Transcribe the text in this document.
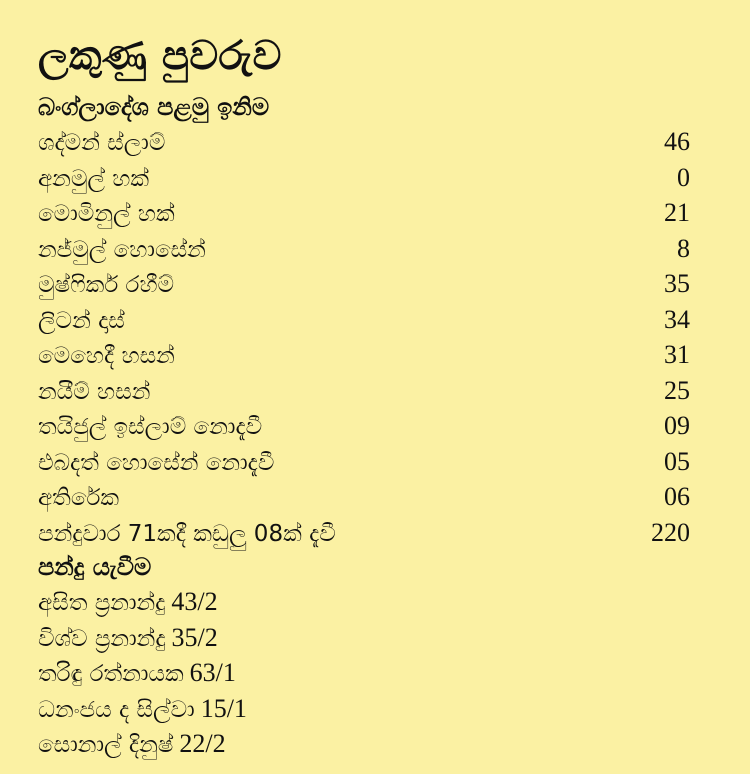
ලකුණු පුවරුව
බංග්ලාදේශ පළමු ඉනිම
ශද්මන් ස්ලාම්	46
අනමුල් හක්	0
මොමිනුල් හක්	21
නජ්මුල් හොසේන්	8
මුෂ්ෆිකර් රහීම්	35
ලිටන් දාස්	34
මෙහෙදී හසන්	31
නයීම් හසන්	25
තයිජුල් ඉස්ලාම් නොදැවී	09
එබදත් හොසේන් නොදැවී	05
අතිරේක	06
පන්දුවාර 71කදී කඩුලු 08ක් දැවී	220
පන්දු යැවීම
අසිත ප්‍රනාන්දු 43/2
විශ්ව ප්‍රනාන්දු 35/2
තරිඳු රත්නායක 63/1
ධනංජය ද සිල්වා 15/1
සොනාල් දිනුෂ් 22/2
